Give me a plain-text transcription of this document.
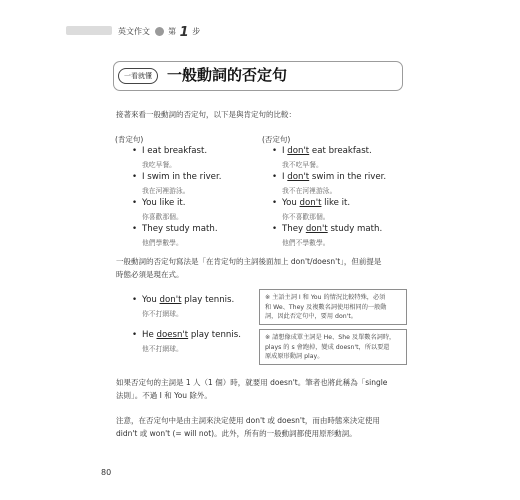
英文作文 第 1 步
一看就懂	一般動詞的否定句
接著來看一般動詞的否定句，以下是與肯定句的比較：
(肯定句)	(否定句)
• I eat breakfast.
我吃早餐。
• I swim in the river.
我在河裡游泳。
• You like it.
你喜歡那個。
• They study math.
他們學數學。
• I don't eat breakfast.
我不吃早餐。
• I don't swim in the river.
我不在河裡游泳。
• You don't like it.
你不喜歡那個。
• They don't study math.
他們不學數學。
一般動詞的否定句寫法是「在肯定句的主詞後面加上 don't/doesn't」，但前提是
時態必須是現在式。
• You don't play tennis.
你不打網球。
• He doesn't play tennis.
他不打網球。
※ 主語主詞 I 和 You 的情況比較特殊，必須
和 We、They 及複數名詞使用相同的一般動
詞，因此否定句中，要用 don't。
※ 請想像成單主詞是 He、She 及單數名詞時，
plays 的 s 會跑掉，變成 doesn't，所以要還
原成原形動詞 play。
如果否定句的主詞是 1 人（1 個）時，就要用 doesn't。筆者也將此稱為「single
法則」。不過 I 和 You 除外。
注意，在否定句中是由主詞來決定使用 don't 或 doesn't，而由時態來決定使用
didn't 或 won't (= will not)。此外，所有的一般動詞都使用原形動詞。
80
